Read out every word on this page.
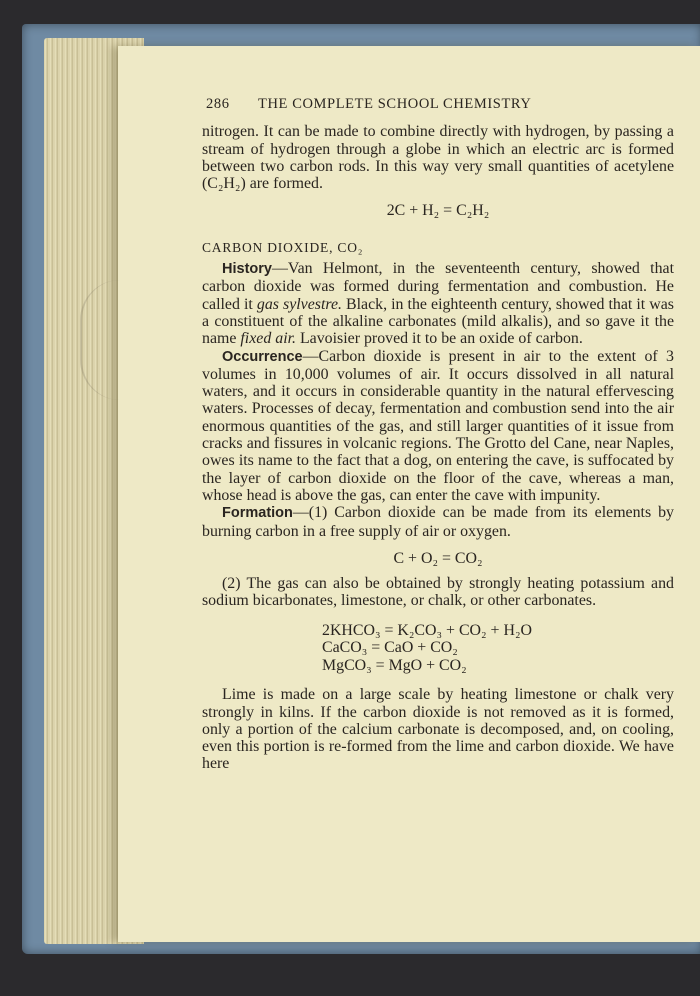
286	THE COMPLETE SCHOOL CHEMISTRY

nitrogen. It can be made to combine directly with hydrogen, by passing a stream of hydrogen through a globe in which an electric arc is formed between two carbon rods. In this way very small quantities of acetylene (C₂H₂) are formed.

2C + H₂ = C₂H₂
CARBON DIOXIDE, CO₂

History—Van Helmont, in the seventeenth century, showed that carbon dioxide was formed during fermentation and combustion. He called it gas sylvestre. Black, in the eighteenth century, showed that it was a constituent of the alkaline carbonates (mild alkalis), and so gave it the name fixed air. Lavoisier proved it to be an oxide of carbon.

Occurrence—Carbon dioxide is present in air to the extent of 3 volumes in 10,000 volumes of air. It occurs dissolved in all natural waters, and it occurs in considerable quantity in the natural effervescing waters. Processes of decay, fermentation and combustion send into the air enormous quantities of the gas, and still larger quantities of it issue from cracks and fissures in volcanic regions. The Grotto del Cane, near Naples, owes its name to the fact that a dog, on entering the cave, is suffocated by the layer of carbon dioxide on the floor of the cave, whereas a man, whose head is above the gas, can enter the cave with impunity.

Formation—(1) Carbon dioxide can be made from its elements by burning carbon in a free supply of air or oxygen.

C + O₂ = CO₂

(2) The gas can also be obtained by strongly heating potassium and sodium bicarbonates, limestone, or chalk, or other carbonates.

2KHCO₃ = K₂CO₃ + CO₂ + H₂O
CaCO₃ = CaO + CO₂
MgCO₃ = MgO + CO₂

Lime is made on a large scale by heating limestone or chalk very strongly in kilns. If the carbon dioxide is not removed as it is formed, only a portion of the calcium carbonate is decomposed, and, on cooling, even this portion is re-formed from the lime and carbon dioxide. We have here
